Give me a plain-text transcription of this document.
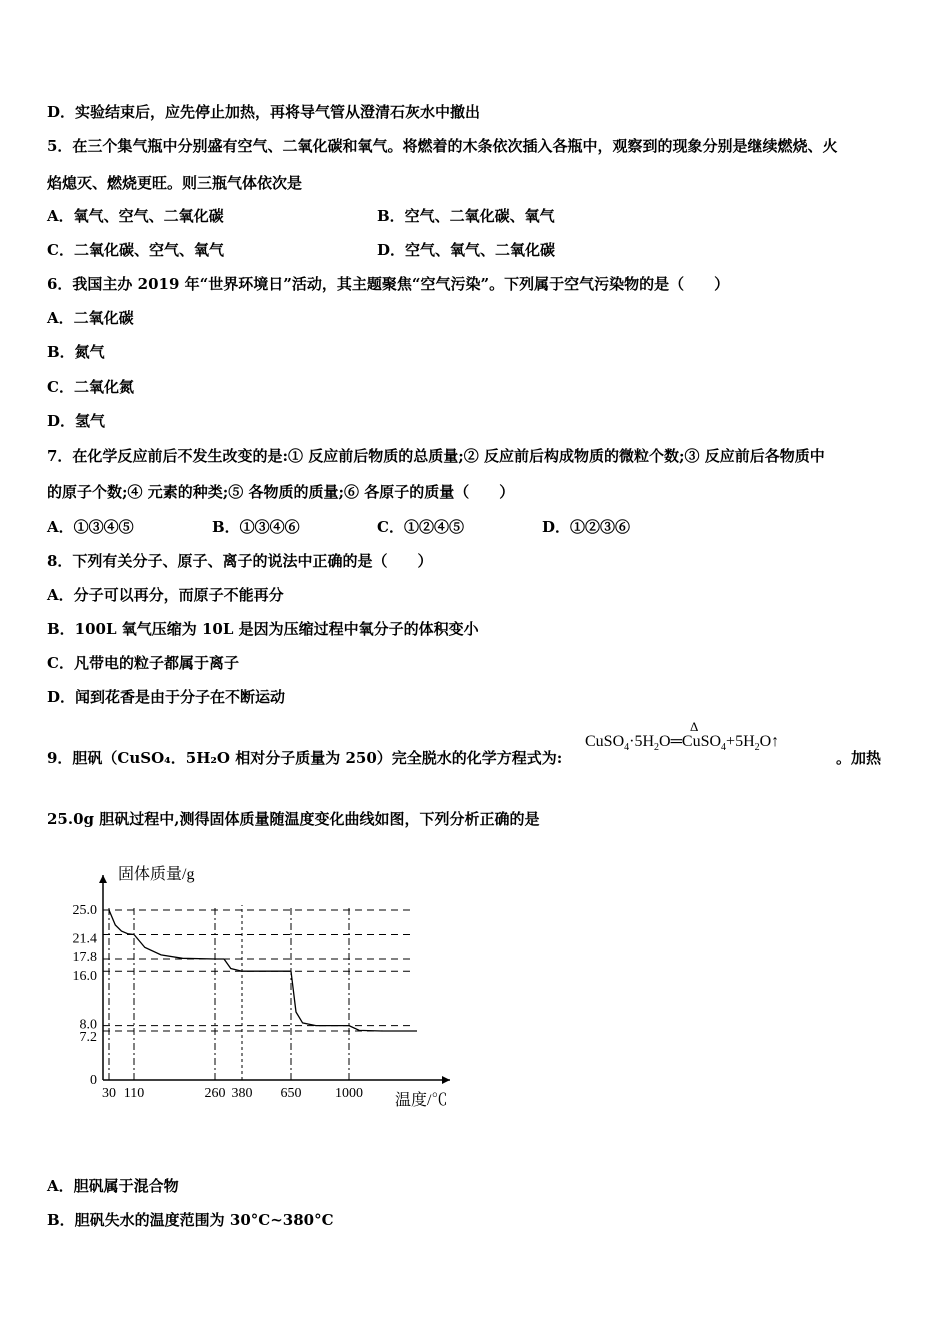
D．实验结束后，应先停止加热，再将导气管从澄清石灰水中撤出
5．在三个集气瓶中分别盛有空气、二氧化碳和氧气。将燃着的木条依次插入各瓶中，观察到的现象分别是继续燃烧、火
焰熄灭、燃烧更旺。则三瓶气体依次是
A．氧气、空气、二氧化碳	B．空气、二氧化碳、氧气
C．二氧化碳、空气、氧气	D．空气、氧气、二氧化碳
6．我国主办 2019 年“世界环境日”活动，其主题聚焦“空气污染”。下列属于空气污染物的是（　　）
A．二氧化碳
B．氮气
C．二氧化氮
D．氢气
7．在化学反应前后不发生改变的是:① 反应前后物质的总质量;② 反应前后构成物质的微粒个数;③ 反应前后各物质中
的原子个数;④ 元素的种类;⑤ 各物质的质量;⑥ 各原子的质量（　　）
A．①③④⑤	B．①③④⑥	C．①②④⑤	D．①②③⑥
8．下列有关分子、原子、离子的说法中正确的是（　　）
A．分子可以再分，而原子不能再分
B．100L 氧气压缩为 10L 是因为压缩过程中氧分子的体积变小
C．凡带电的粒子都属于离子
D．闻到花香是由于分子在不断运动
9．胆矾（CuSO₄．5H₂O 相对分子质量为 250）完全脱水的化学方程式为:
$CuSO_4\cdot 5H_2O$
Δ
$═CuSO_4+5H_2O↑$
。加热
25.0g 胆矾过程中,测得固体质量随温度变化曲线如图，下列分析正确的是
25.0
21.4
17.8
16.0
8.0
7.2
0
30 110	260 380 650 1000
固体质量/g
温度/℃
A．胆矾属于混合物
B．胆矾失水的温度范围为 30°C~380°C
